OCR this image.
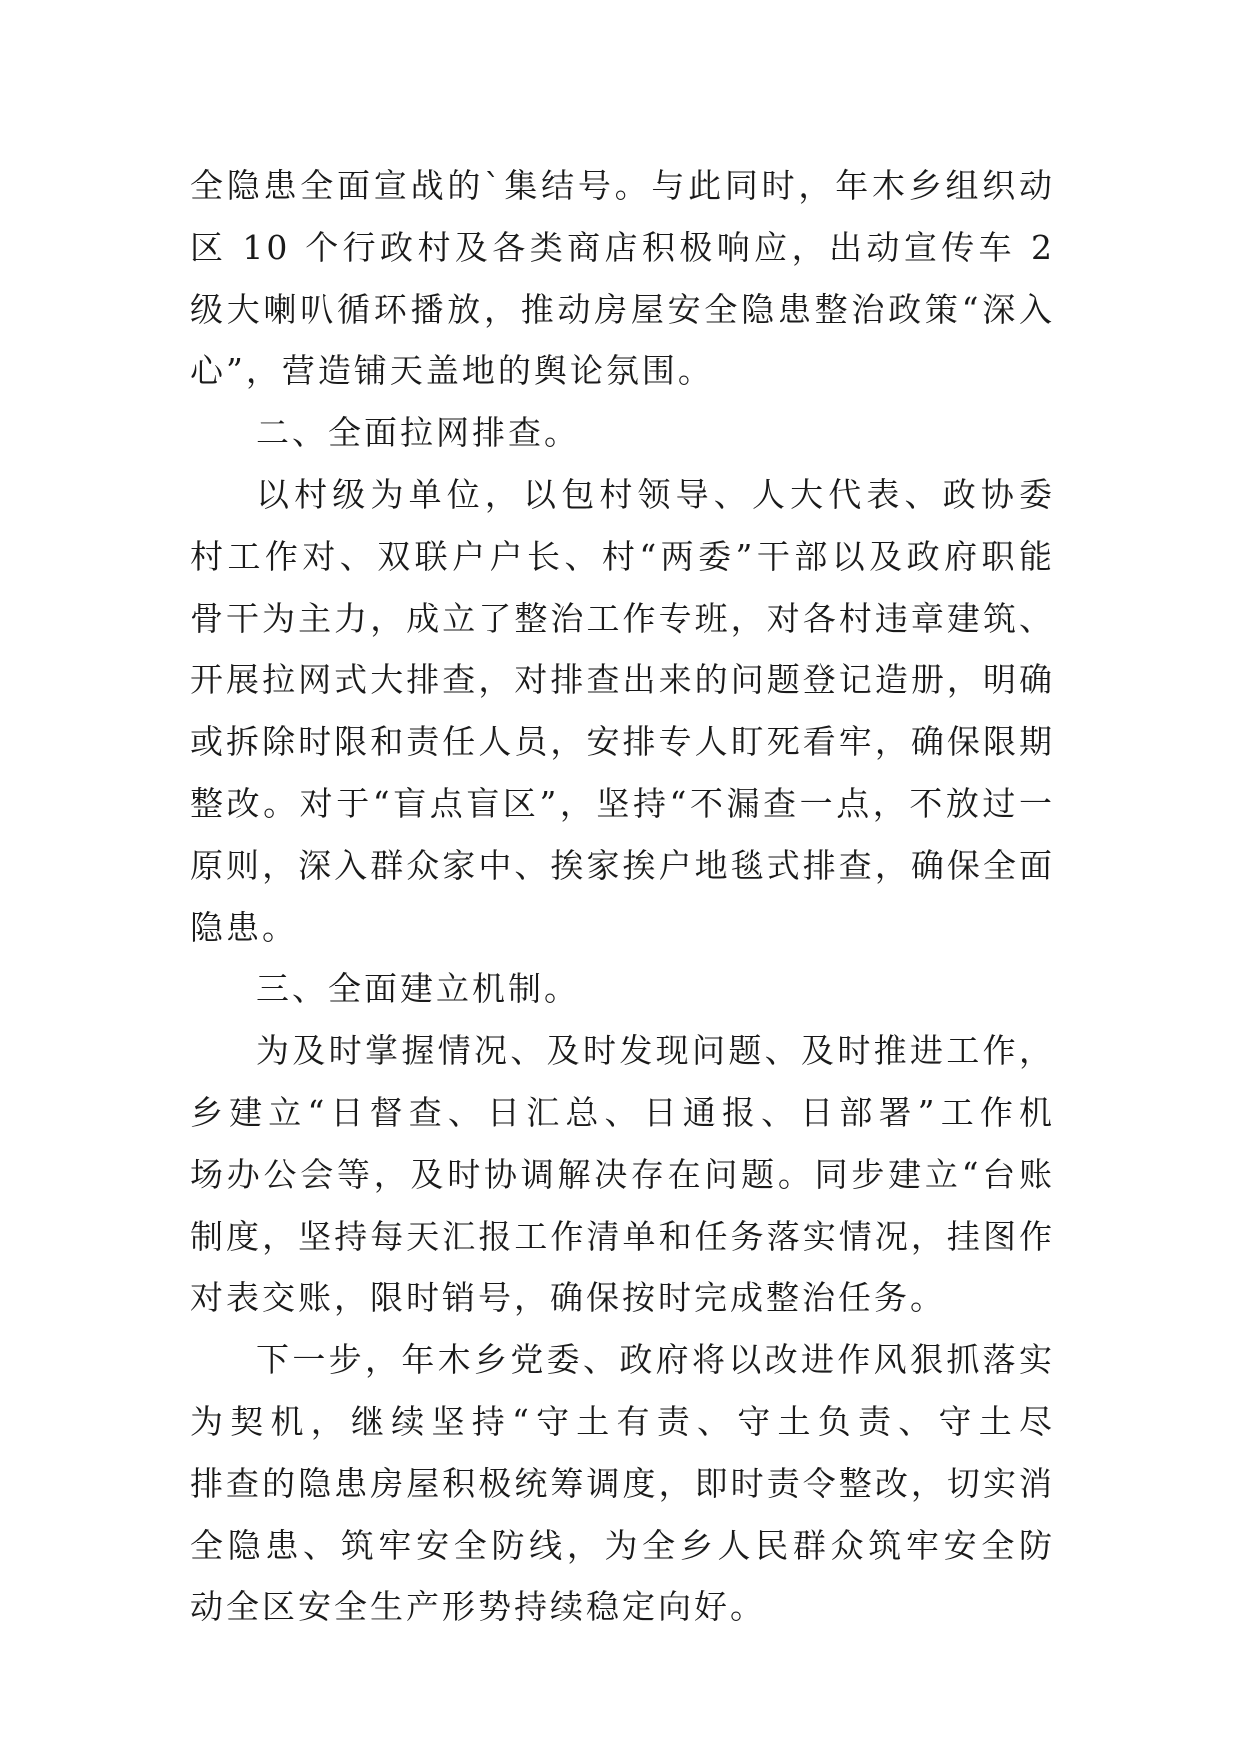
全隐患全面宣战的`集结号。与此同时，年木乡组织动
区 10 个行政村及各类商店积极响应，出动宣传车 2
级大喇叭循环播放，推动房屋安全隐患整治政策“深入
心”，营造铺天盖地的舆论氛围。
二、全面拉网排查。
以村级为单位，以包村领导、人大代表、政协委
村工作对、双联户户长、村“两委”干部以及政府职能
骨干为主力，成立了整治工作专班，对各村违章建筑、
开展拉网式大排查，对排查出来的问题登记造册，明确
或拆除时限和责任人员，安排专人盯死看牢，确保限期
整改。对于“盲点盲区”，坚持“不漏查一点，不放过一
原则，深入群众家中、挨家挨户地毯式排查，确保全面
隐患。
三、全面建立机制。
为及时掌握情况、及时发现问题、及时推进工作，
乡建立“日督查、日汇总、日通报、日部署”工作机
场办公会等，及时协调解决存在问题。同步建立“台账
制度，坚持每天汇报工作清单和任务落实情况，挂图作
对表交账，限时销号，确保按时完成整治任务。
下一步，年木乡党委、政府将以改进作风狠抓落实
为契机，继续坚持“守土有责、守土负责、守土尽
排查的隐患房屋积极统筹调度，即时责令整改，切实消
全隐患、筑牢安全防线，为全乡人民群众筑牢安全防
动全区安全生产形势持续稳定向好。
